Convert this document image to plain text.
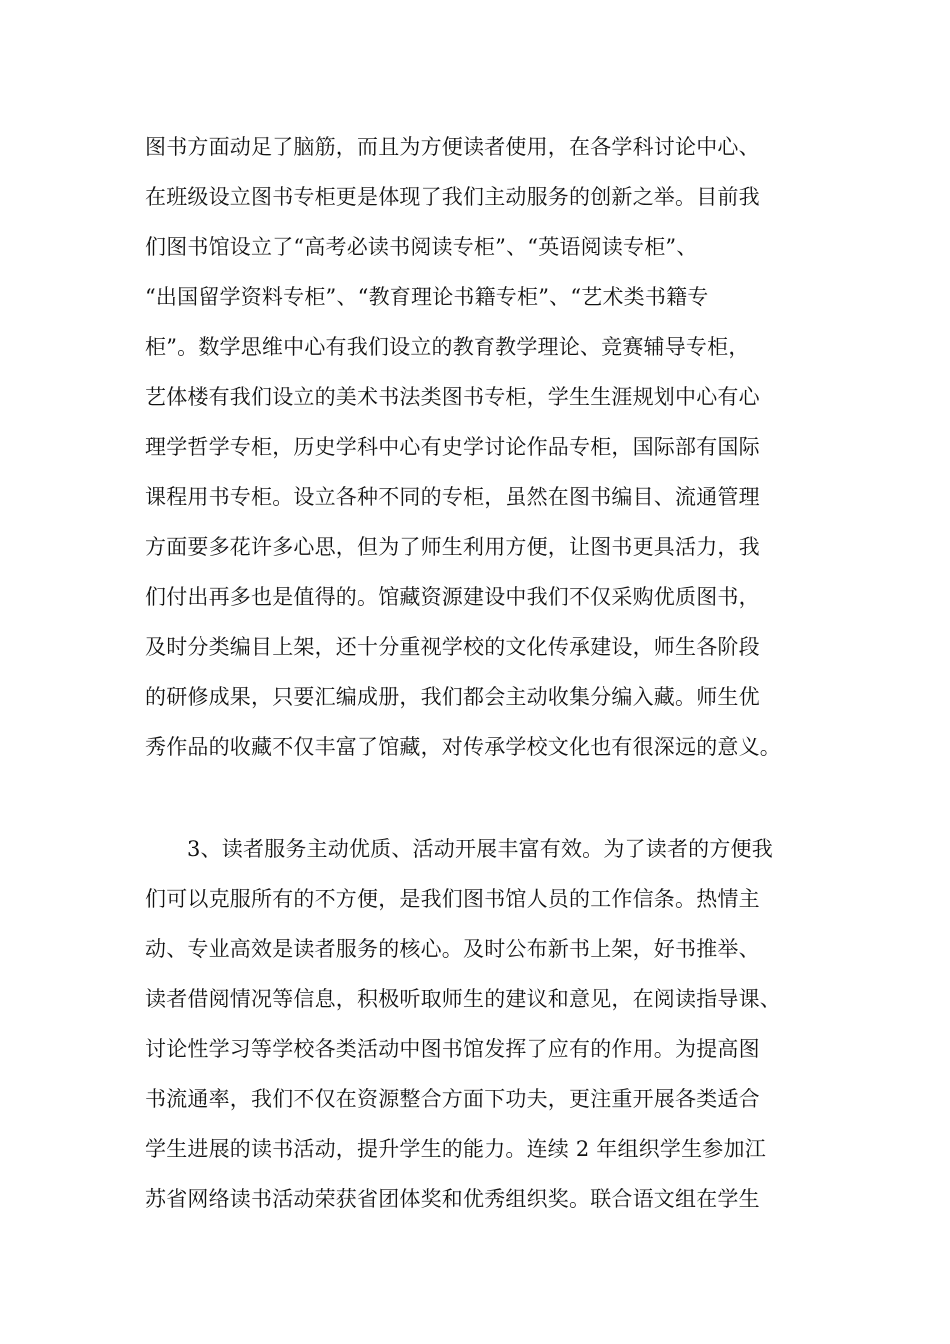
图书方面动足了脑筋，而且为方便读者使用，在各学科讨论中心、
在班级设立图书专柜更是体现了我们主动服务的创新之举。目前我
们图书馆设立了“高考必读书阅读专柜”、“英语阅读专柜”、
“出国留学资料专柜”、“教育理论书籍专柜”、“艺术类书籍专
柜”。数学思维中心有我们设立的教育教学理论、竞赛辅导专柜，
艺体楼有我们设立的美术书法类图书专柜，学生生涯规划中心有心
理学哲学专柜，历史学科中心有史学讨论作品专柜，国际部有国际
课程用书专柜。设立各种不同的专柜，虽然在图书编目、流通管理
方面要多花许多心思，但为了师生利用方便，让图书更具活力，我
们付出再多也是值得的。馆藏资源建设中我们不仅采购优质图书，
及时分类编目上架，还十分重视学校的文化传承建设，师生各阶段
的研修成果，只要汇编成册，我们都会主动收集分编入藏。师生优
秀作品的收藏不仅丰富了馆藏，对传承学校文化也有很深远的意义。
3、读者服务主动优质、活动开展丰富有效。为了读者的方便我
们可以克服所有的不方便，是我们图书馆人员的工作信条。热情主
动、专业高效是读者服务的核心。及时公布新书上架，好书推举、
读者借阅情况等信息，积极听取师生的建议和意见，在阅读指导课、
讨论性学习等学校各类活动中图书馆发挥了应有的作用。为提高图
书流通率，我们不仅在资源整合方面下功夫，更注重开展各类适合
学生进展的读书活动，提升学生的能力。连续 2 年组织学生参加江
苏省网络读书活动荣获省团体奖和优秀组织奖。联合语文组在学生
